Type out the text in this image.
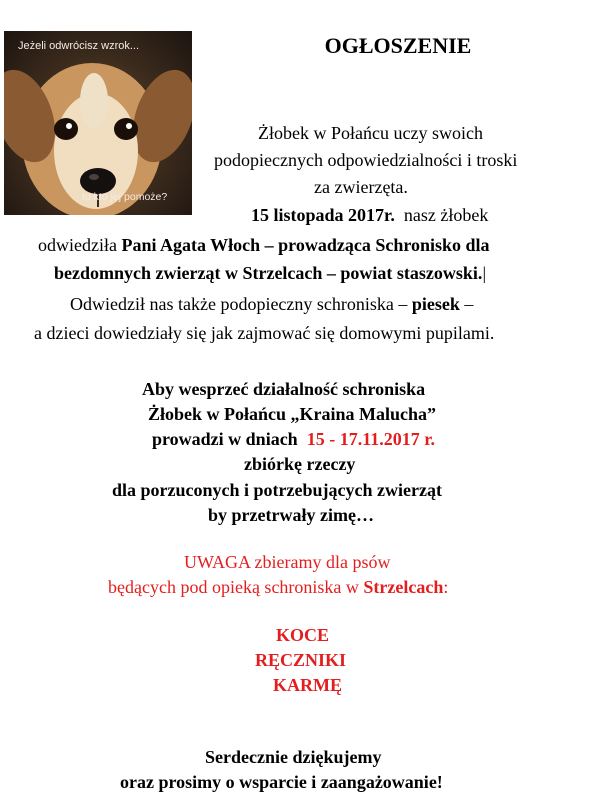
Jeżeli odwrócisz wzrok...
to kto jej pomoże?
OGŁOSZENIE
Żłobek w Połańcu uczy swoich
podopiecznych odpowiedzialności i troski
za zwierzęta.
15 listopada 2017r. nasz żłobek
odwiedziła Pani Agata Włoch – prowadząca Schronisko dla
bezdomnych zwierząt w Strzelcach – powiat staszowski.|
Odwiedził nas także podopieczny schroniska – piesek –
a dzieci dowiedziały się jak zajmować się domowymi pupilami.
Aby wesprzeć działalność schroniska
Żłobek w Połańcu „Kraina Malucha”
prowadzi w dniach 15 - 17.11.2017 r.
zbiórkę rzeczy
dla porzuconych i potrzebujących zwierząt
by przetrwały zimę…
UWAGA zbieramy dla psów
będących pod opieką schroniska w Strzelcach:
KOCE
RĘCZNIKI
KARMĘ
Serdecznie dziękujemy
oraz prosimy o wsparcie i zaangażowanie!
